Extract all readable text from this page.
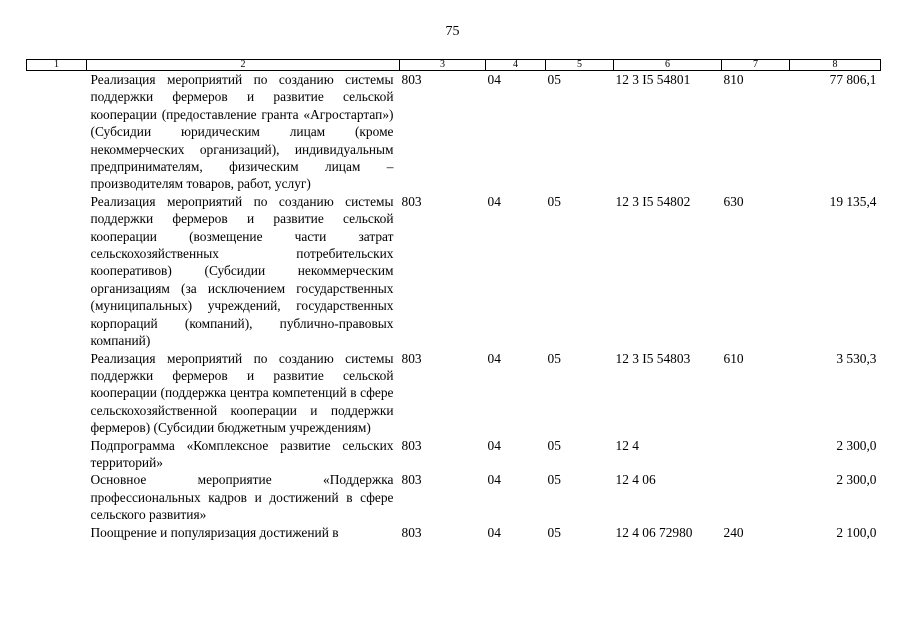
75
1	2	3	4	5	6	7	8
	Реализация мероприятий по созданию системы поддержки фермеров и развитие сельской кооперации (предоставление гранта «Агростартап») (Субсидии юридическим лицам (кроме некоммерческих организаций), индивидуальным предпринимателям, физическим лицам – производителям товаров, работ, услуг)	803	04	05	12 3 I5 54801	810	77 806,1
	Реализация мероприятий по созданию системы поддержки фермеров и развитие сельской кооперации (возмещение части затрат сельскохозяйственных потребительских кооперативов) (Субсидии некоммерческим организациям (за исключением государственных (муниципальных) учреждений, государственных корпораций (компаний), публично-правовых компаний)	803	04	05	12 3 I5 54802	630	19 135,4
	Реализация мероприятий по созданию системы поддержки фермеров и развитие сельской кооперации (поддержка центра компетенций в сфере сельскохозяйственной кооперации и поддержки фермеров) (Субсидии бюджетным учреждениям)	803	04	05	12 3 I5 54803	610	3 530,3
	Подпрограмма «Комплексное развитие сельских территорий»	803	04	05	12 4		2 300,0
	Основное мероприятие «Поддержка профессиональных кадров и достижений в сфере сельского развития»	803	04	05	12 4 06		2 300,0
	Поощрение и популяризация достижений в	803	04	05	12 4 06 72980	240	2 100,0
